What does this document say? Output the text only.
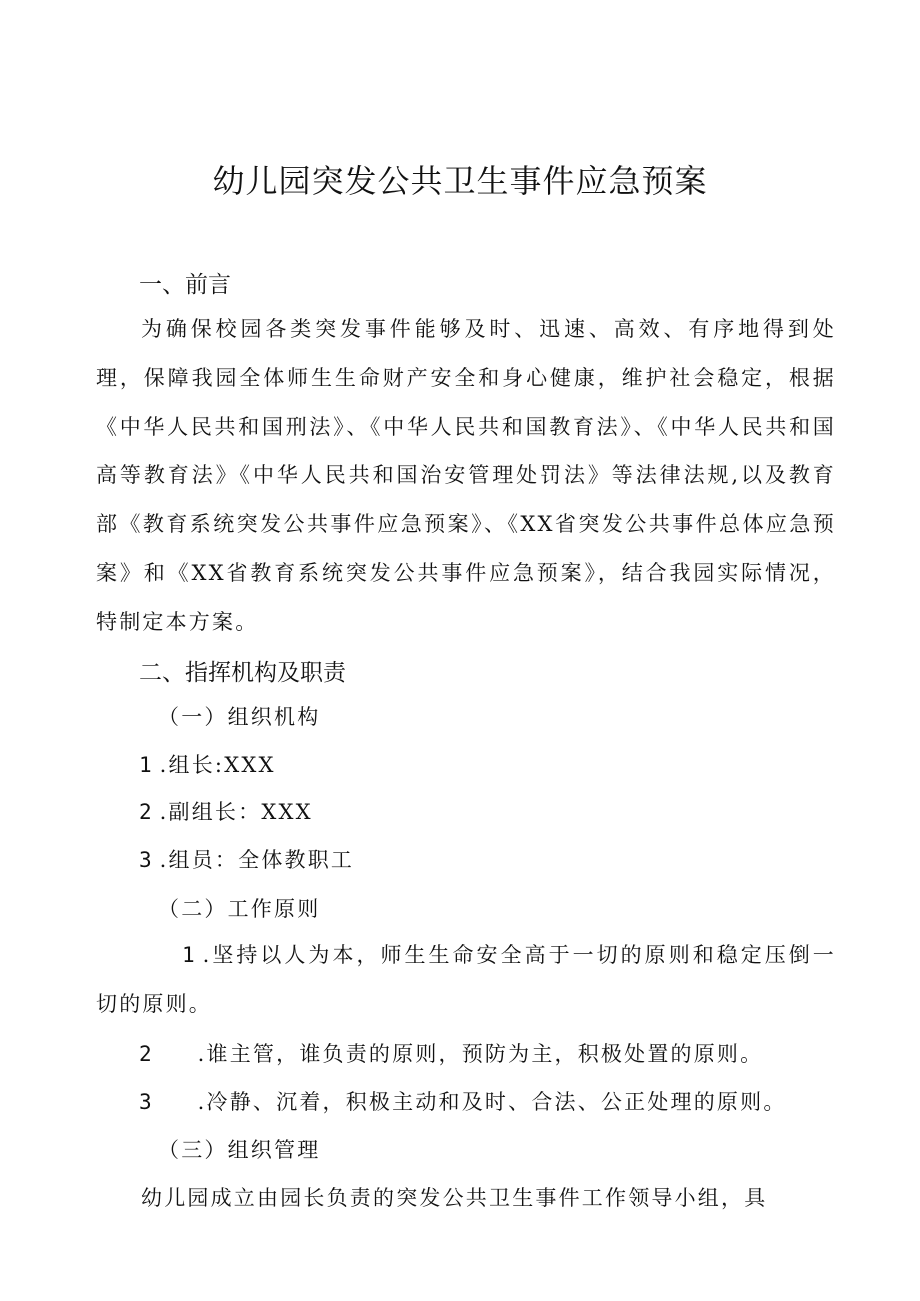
幼儿园突发公共卫生事件应急预案
一、前言

为确保校园各类突发事件能够及时、迅速、高效、有序地得到处理，保障我园全体师生生命财产安全和身心健康，维护社会稳定，根据《中华人民共和国刑法》、《中华人民共和国教育法》、《中华人民共和国高等教育法》《中华人民共和国治安管理处罚法》等法律法规,以及教育部《教育系统突发公共事件应急预案》、《XX省突发公共事件总体应急预案》和《XX省教育系统突发公共事件应急预案》，结合我园实际情况，特制定本方案。

二、指挥机构及职责

（一）组织机构

1 .组长:XXX

2 .副组长：XXX

3 .组员：全体教职工

（二）工作原则

1 .坚持以人为本，师生生命安全高于一切的原则和稳定压倒一切的原则。

2 .谁主管，谁负责的原则，预防为主，积极处置的原则。

3 .冷静、沉着，积极主动和及时、合法、公正处理的原则。

（三）组织管理

幼儿园成立由园长负责的突发公共卫生事件工作领导小组，具
